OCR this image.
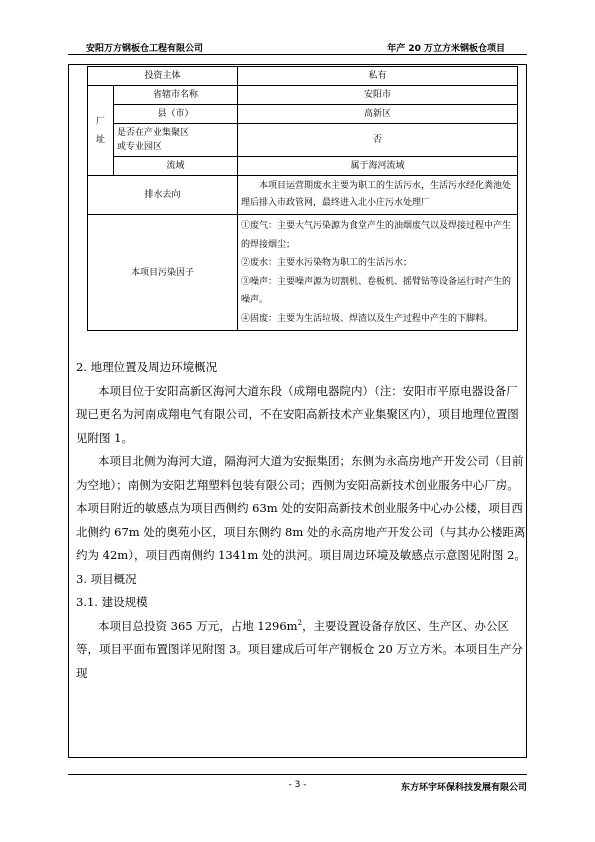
安阳万方钢板仓工程有限公司	年产 20 万立方米钢板仓项目
投资主体		私有
厂
址	省辖市名称	安阳市
	县（市）	高新区
	是否在产业集聚区
或专业园区	否
	流域	属于海河流域
排水去向		本项目运营期废水主要为职工的生活污水，生活污水经化粪池处理后排入市政管网，最终进入北小庄污水处理厂
本项目污染因子		①废气：主要大气污染源为食堂产生的油烟废气以及焊接过程中产生的焊接烟尘；
②废水：主要水污染物为职工的生活污水；
③噪声：主要噪声源为切割机、卷板机、摇臂钻等设备运行时产生的噪声。
④固废：主要为生活垃圾、焊渣以及生产过程中产生的下脚料。

2. 地理位置及周边环境概况

本项目位于安阳高新区海河大道东段（成翔电器院内）（注：安阳市平原电器设备厂现已更名为河南成翔电气有限公司，不在安阳高新技术产业集聚区内），项目地理位置图见附图 1。

本项目北侧为海河大道，隔海河大道为安振集团；东侧为永高房地产开发公司（目前为空地）；南侧为安阳艺翔塑料包装有限公司；西侧为安阳高新技术创业服务中心厂房。本项目附近的敏感点为项目西侧约 63m 处的安阳高新技术创业服务中心办公楼，项目西北侧约 67m 处的奥苑小区，项目东侧约 8m 处的永高房地产开发公司（与其办公楼距离约为 42m），项目西南侧约 1341m 处的洪河。项目周边环境及敏感点示意图见附图 2。

3. 项目概况

3.1. 建设规模

本项目总投资 365 万元，占地 $1296m^2$，主要设置设备存放区、生产区、办公区等，项目平面布置图详见附图 3。项目建成后可年产钢板仓 20 万立方米。本项目生产分现

- 3 -	东方环宇环保科技发展有限公司
